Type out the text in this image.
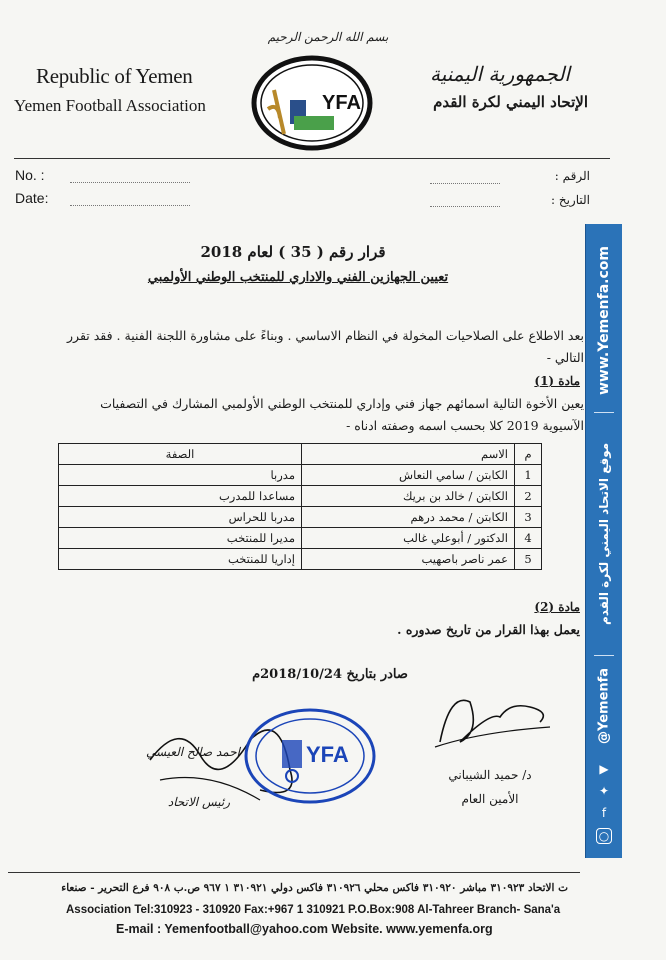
بسم الله الرحمن الرحيم
Republic of Yemen
Yemen Football Association
الجمهورية اليمنية
الإتحاد اليمني لكرة القدم
YFA
No. :
Date:
الرقم :
التاريخ :
قرار رقم ( 35 ) لعام 2018
تعيين الجهازين الفني والاداري للمنتخب الوطني الأولمبي
بعد الاطلاع على الصلاحيات المخولة في النظام الاساسي . وبناءً على مشاورة اللجنة الفنية . فقد تقرر التالي -
مادة (1)
يعين الأخوة التالية اسمائهم جهاز فني وإداري للمنتخب الوطني الأولمبي المشارك في التصفيات الآسيوية 2019 كلا بحسب اسمه وصفته ادناه -
م	الاسم	الصفة
1	الكابتن / سامي النعاش	مدربا
2	الكابتن / خالد بن بريك	مساعدا للمدرب
3	الكابتن / محمد درهم	مدربا للحراس
4	الدكتور / أبوعلي غالب	مديرا للمنتخب
5	عمر ناصر باصهيب	إداريا للمنتخب
مادة (2)
يعمل بهذا القرار من تاريخ صدوره .
صادر بتاريخ 2018/10/24م
احمد صالح العيسي
رئيس الاتحاد
YFA
د/ حميد الشيباني
الأمين العام
ت الاتحاد ٣١٠٩٢٣ مباشر ٣١٠٩٢٠ فاكس محلي ٣١٠٩٢٦ فاكس دولي ٣١٠٩٢١ ١ ٩٦٧ ص.ب ٩٠٨ فرع التحرير - صنعاء
Association Tel:310923 - 310920 Fax:+967 1 310921 P.O.Box:908 Al-Tahreer Branch- Sana'a
E-mail : Yemenfootball@yahoo.com Website. www.yemenfa.org
www.Yemenfa.com
موقع الاتحاد اليمني لكرة القدم
@Yemenfa
▶
✦
f
○
